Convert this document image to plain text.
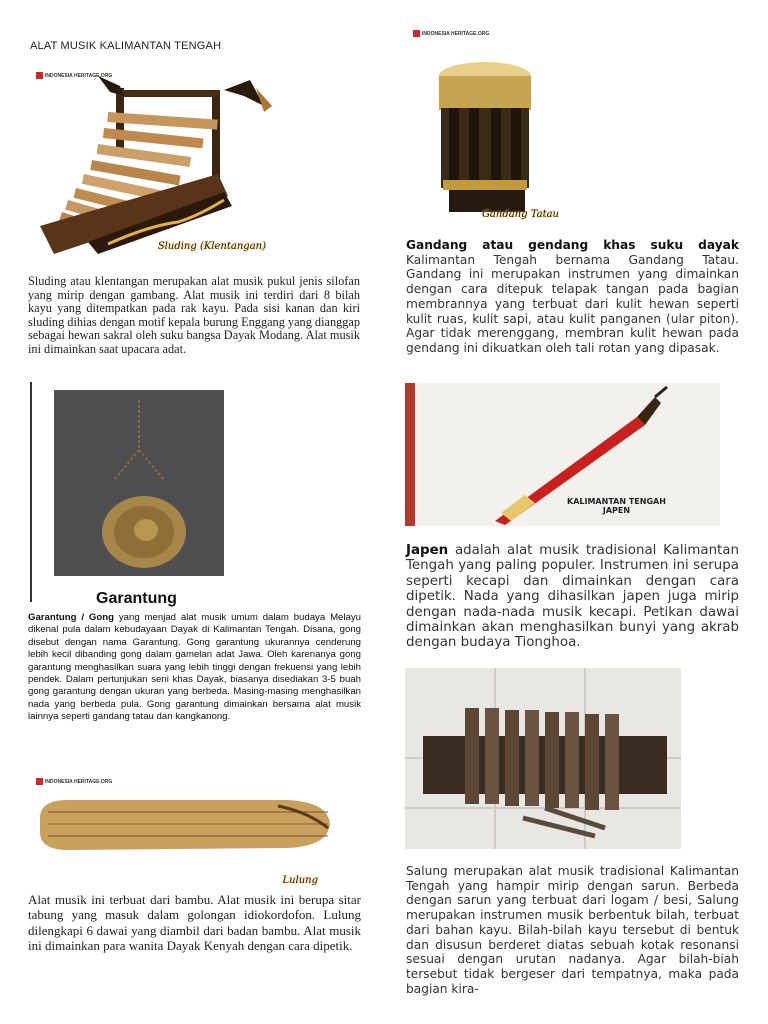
ALAT MUSIK KALIMANTAN TENGAH
INDONESIA HERITAGE.ORG
Sluding (Klentangan)
Sluding atau klentangan merupakan alat musik pukul jenis silofan yang mirip dengan gambang. Alat musik ini terdiri dari 8 bilah kayu yang ditempatkan pada rak kayu. Pada sisi kanan dan kiri sluding dihias dengan motif kepala burung Enggang yang dianggap sebagai hewan sakral oleh suku bangsa Dayak Modang. Alat musik ini dimainkan saat upacara adat.
INDONESIA HERITAGE.ORG
Gandang Tatau
Gandang atau gendang khas suku dayak Kalimantan Tengah bernama Gandang Tatau. Gandang ini merupakan instrumen yang dimainkan dengan cara ditepuk telapak tangan pada bagian membrannya yang terbuat dari kulit hewan seperti kulit ruas, kulit sapi, atau kulit panganen (ular piton). Agar tidak merenggang, membran kulit hewan pada gendang ini dikuatkan oleh tali rotan yang dipasak.
Garantung
Garantung / Gong yang menjad alat musik umum dalam budaya Melayu dikenal pula dalam kebudayaan Dayak di Kalimantan Tengah. Disana, gong disebut dengan nama Garantung. Gong garantung ukurannya cenderung lebih kecil dibanding gong dalam gamelan adat Jawa. Oleh karenanya gong garantung menghasilkan suara yang lebih tinggi dengan frekuensi yang lebih pendek. Dalam pertunjukan seni khas Dayak, biasanya disediakan 3-5 buah gong garantung dengan ukuran yang berbeda. Masing-masing menghasilkan nada yang berbeda pula. Gong garantung dimainkan bersama alat musik lainnya seperti gandang tatau dan kangkanong.
KALIMANTAN TENGAH
JAPEN
Japen adalah alat musik tradisional Kalimantan Tengah yang paling populer. Instrumen ini serupa seperti kecapi dan dimainkan dengan cara dipetik. Nada yang dihasilkan japen juga mirip dengan nada-nada musik kecapi. Petikan dawai dimainkan akan menghasilkan bunyi yang akrab dengan budaya Tionghoa.
INDONESIA HERITAGE.ORG
Lulung
Alat musik ini terbuat dari bambu. Alat musik ini berupa sitar tabung yang masuk dalam golongan idiokordofon. Lulung dilengkapi 6 dawai yang diambil dari badan bambu. Alat musik ini dimainkan para wanita Dayak Kenyah dengan cara dipetik.
Salung merupakan alat musik tradisional Kalimantan Tengah yang hampir mirip dengan sarun. Berbeda dengan sarun yang terbuat dari logam / besi, Salung merupakan instrumen musik berbentuk bilah, terbuat dari bahan kayu. Bilah-bilah kayu tersebut di bentuk dan disusun berderet diatas sebuah kotak resonansi sesuai dengan urutan nadanya. Agar bilah-biah tersebut tidak bergeser dari tempatnya, maka pada bagian kira-
